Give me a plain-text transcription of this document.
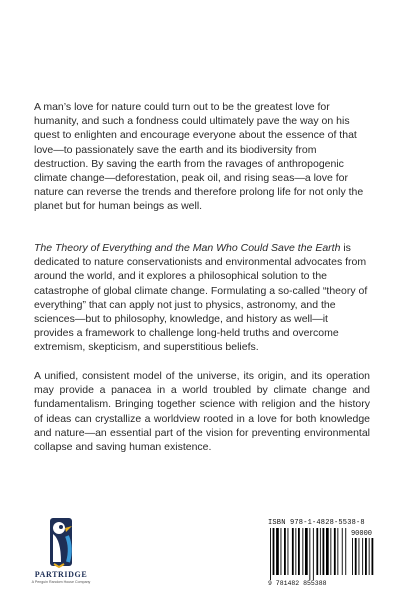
A man’s love for nature could turn out to be the greatest love for humanity, and such a fondness could ultimately pave the way on his quest to enlighten and encourage everyone about the essence of that love—to passionately save the earth and its biodiversity from destruction. By saving the earth from the ravages of anthropogenic climate change—deforestation, peak oil, and rising seas—a love for nature can reverse the trends and therefore prolong life for not only the planet but for human beings as well.
The Theory of Everything and the Man Who Could Save the Earth is dedicated to nature conservationists and environmental advocates from around the world, and it explores a philosophical solution to the catastrophe of global climate change. Formulating a so-called “theory of everything” that can apply not just to physics, astronomy, and the sciences—but to philosophy, knowledge, and history as well—it provides a framework to challenge long-held truths and overcome extremism, skepticism, and superstitious beliefs.
A unified, consistent model of the universe, its origin, and its operation may provide a panacea in a world troubled by climate change and fundamentalism. Bringing together science with religion and the history of ideas can crystallize a worldview rooted in a love for both knowledge and nature—an essential part of the vision for preventing environmental collapse and saving human existence.
PARTRIDGE
A Penguin Random House Company
ISBN 978-1-4828-5538-8
90000
9 781482 855388
